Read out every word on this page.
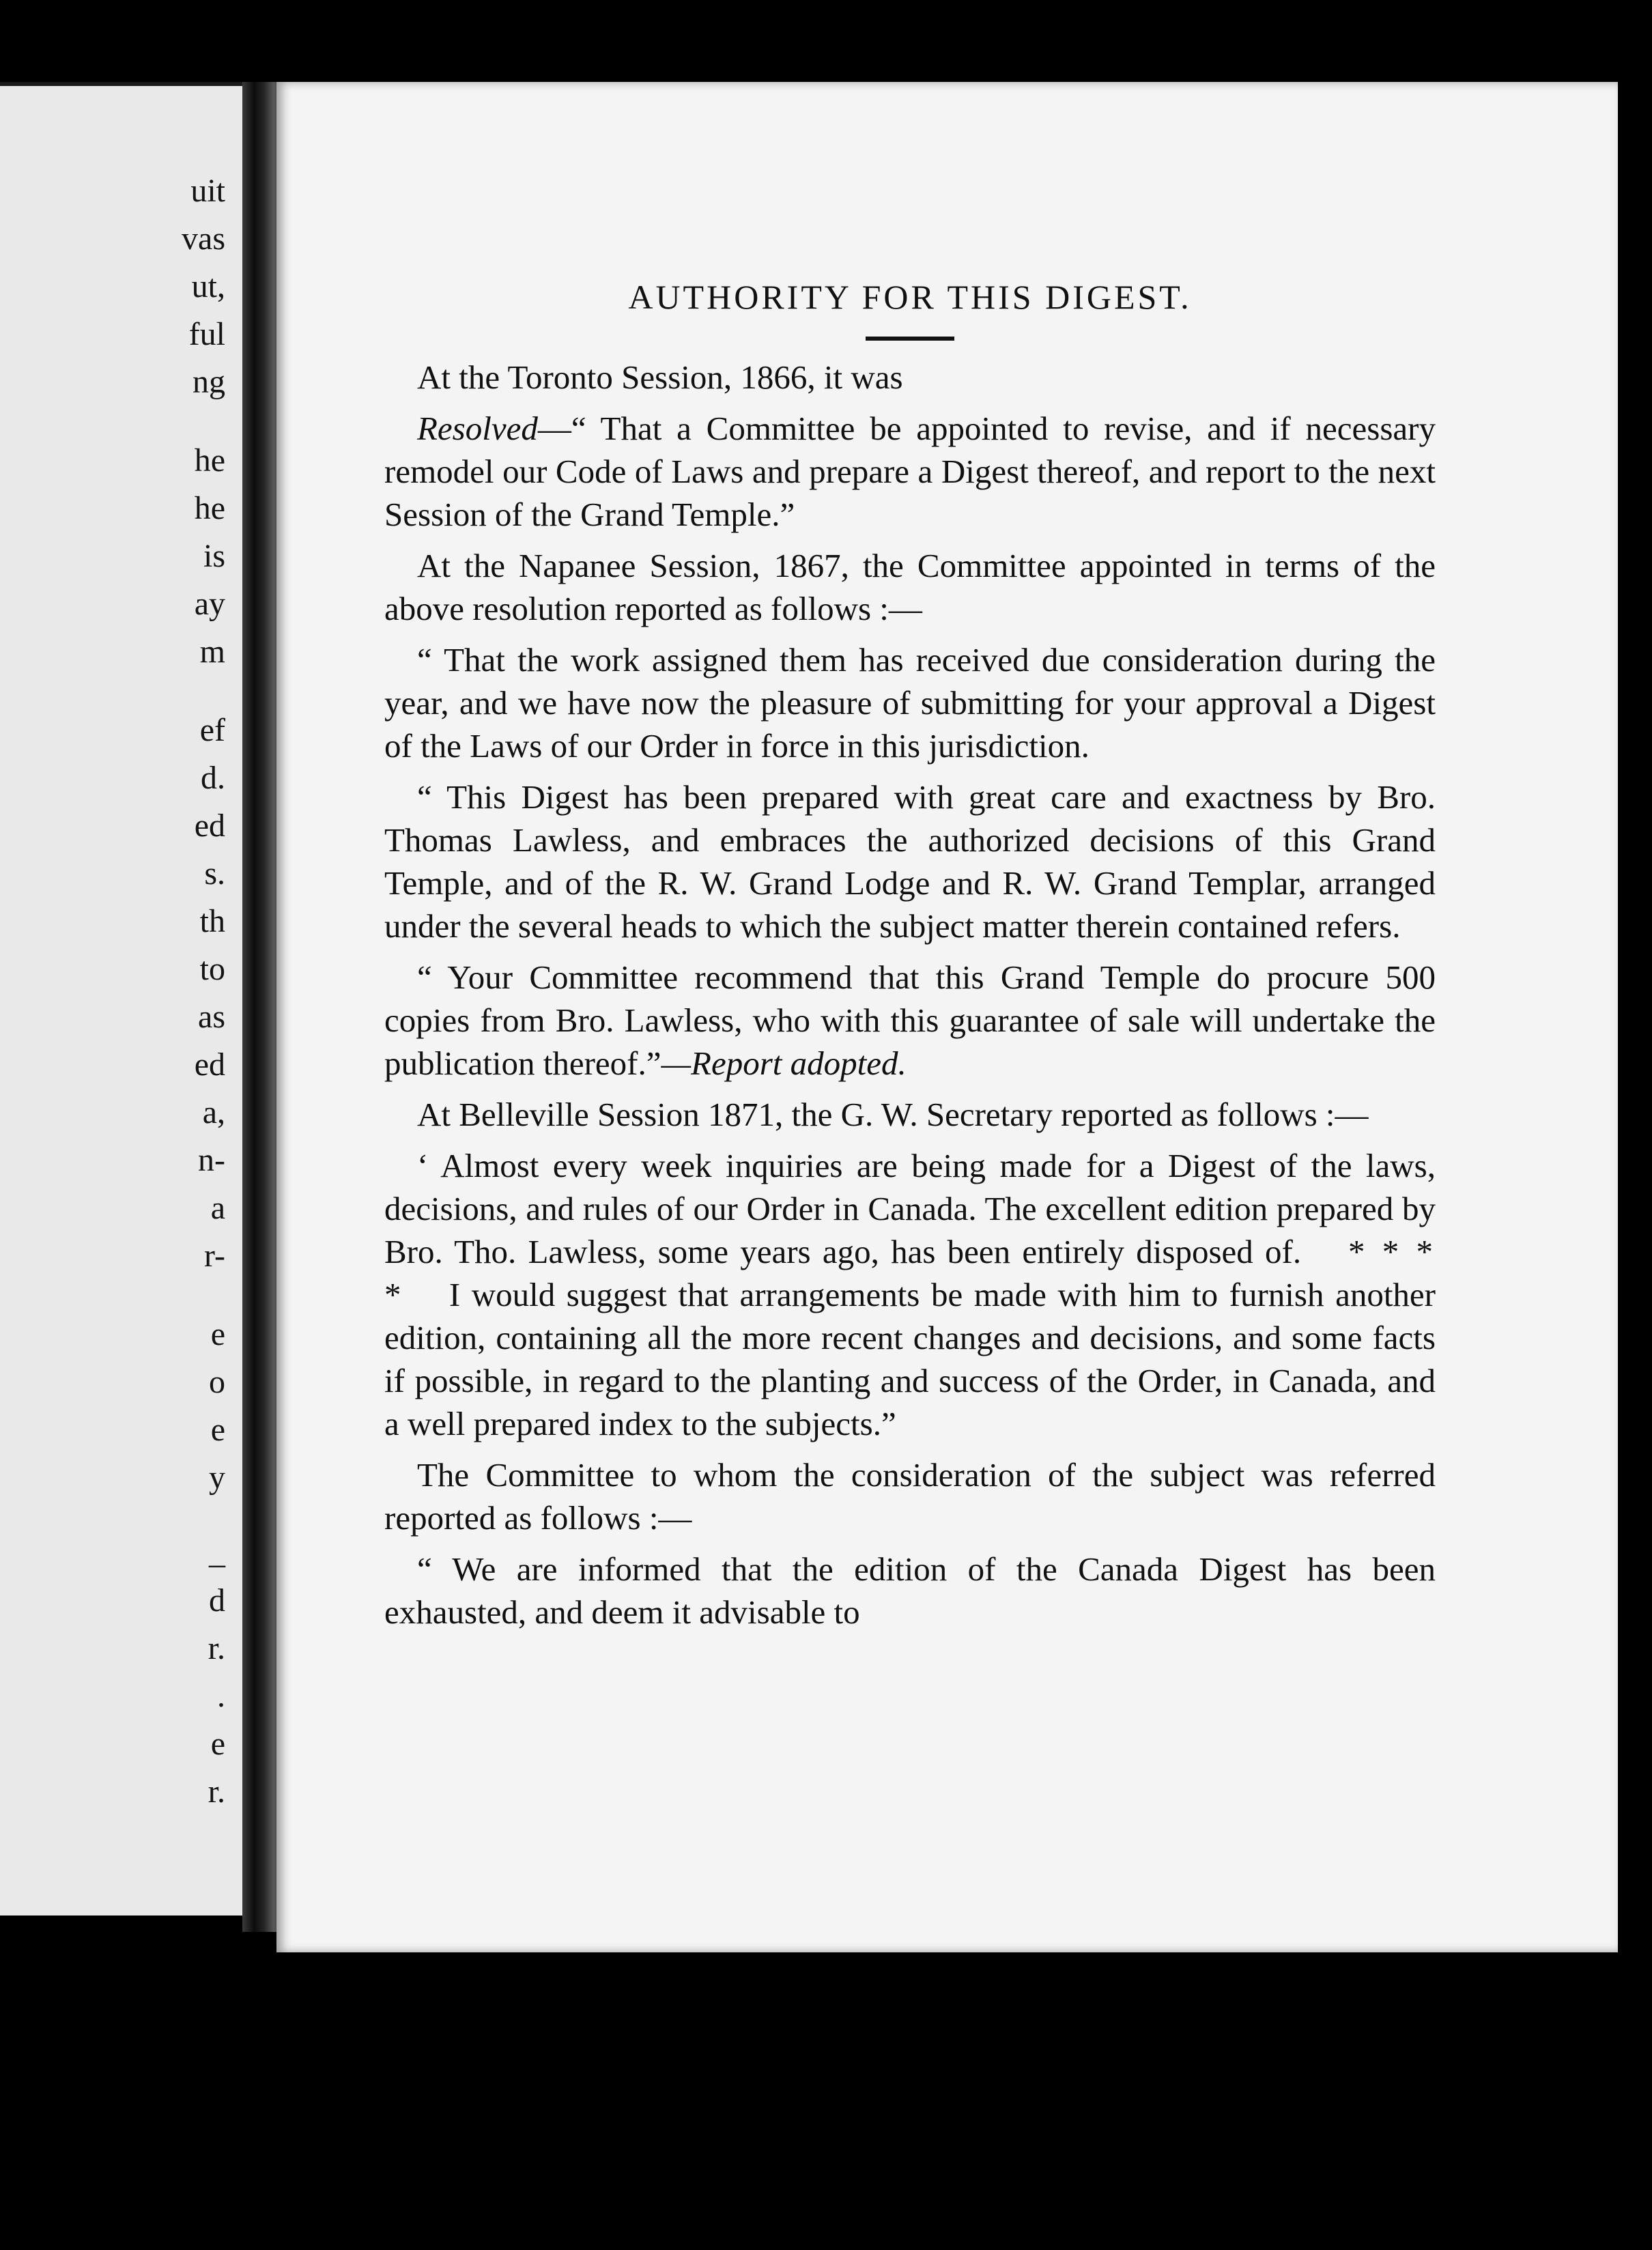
uit
vas
ut,
ful
ng
he
he
is
ay
m
ef
d.
ed
s.
th
to
as
ed
a,
n-
a
r-
e
o
e
y
_
d
r.
.
e
r.
AUTHORITY FOR THIS DIGEST.

At the Toronto Session, 1866, it was

Resolved—“ That a Committee be appointed to revise, and if necessary remodel our Code of Laws and prepare a Digest thereof, and report to the next Session of the Grand Temple.”

At the Napanee Session, 1867, the Committee appointed in terms of the above resolution reported as follows :—

“ That the work assigned them has received due consideration during the year, and we have now the pleasure of submitting for your approval a Digest of the Laws of our Order in force in this jurisdiction.

“ This Digest has been prepared with great care and exactness by Bro. Thomas Lawless, and embraces the authorized decisions of this Grand Temple, and of the R. W. Grand Lodge and R. W. Grand Templar, arranged under the several heads to which the subject matter therein contained refers.

“ Your Committee recommend that this Grand Temple do procure 500 copies from Bro. Lawless, who with this guarantee of sale will undertake the publication thereof.”—Report adopted.

At Belleville Session 1871, the G. W. Secretary reported as follows :—

‘ Almost every week inquiries are being made for a Digest of the laws, decisions, and rules of our Order in Canada. The excellent edition prepared by Bro. Tho. Lawless, some years ago, has been entirely disposed of. * * * * I would suggest that arrangements be made with him to furnish another edition, containing all the more recent changes and decisions, and some facts if possible, in regard to the planting and success of the Order, in Canada, and a well prepared index to the subjects.”

The Committee to whom the consideration of the subject was referred reported as follows :—

“ We are informed that the edition of the Canada Digest has been exhausted, and deem it advisable to
